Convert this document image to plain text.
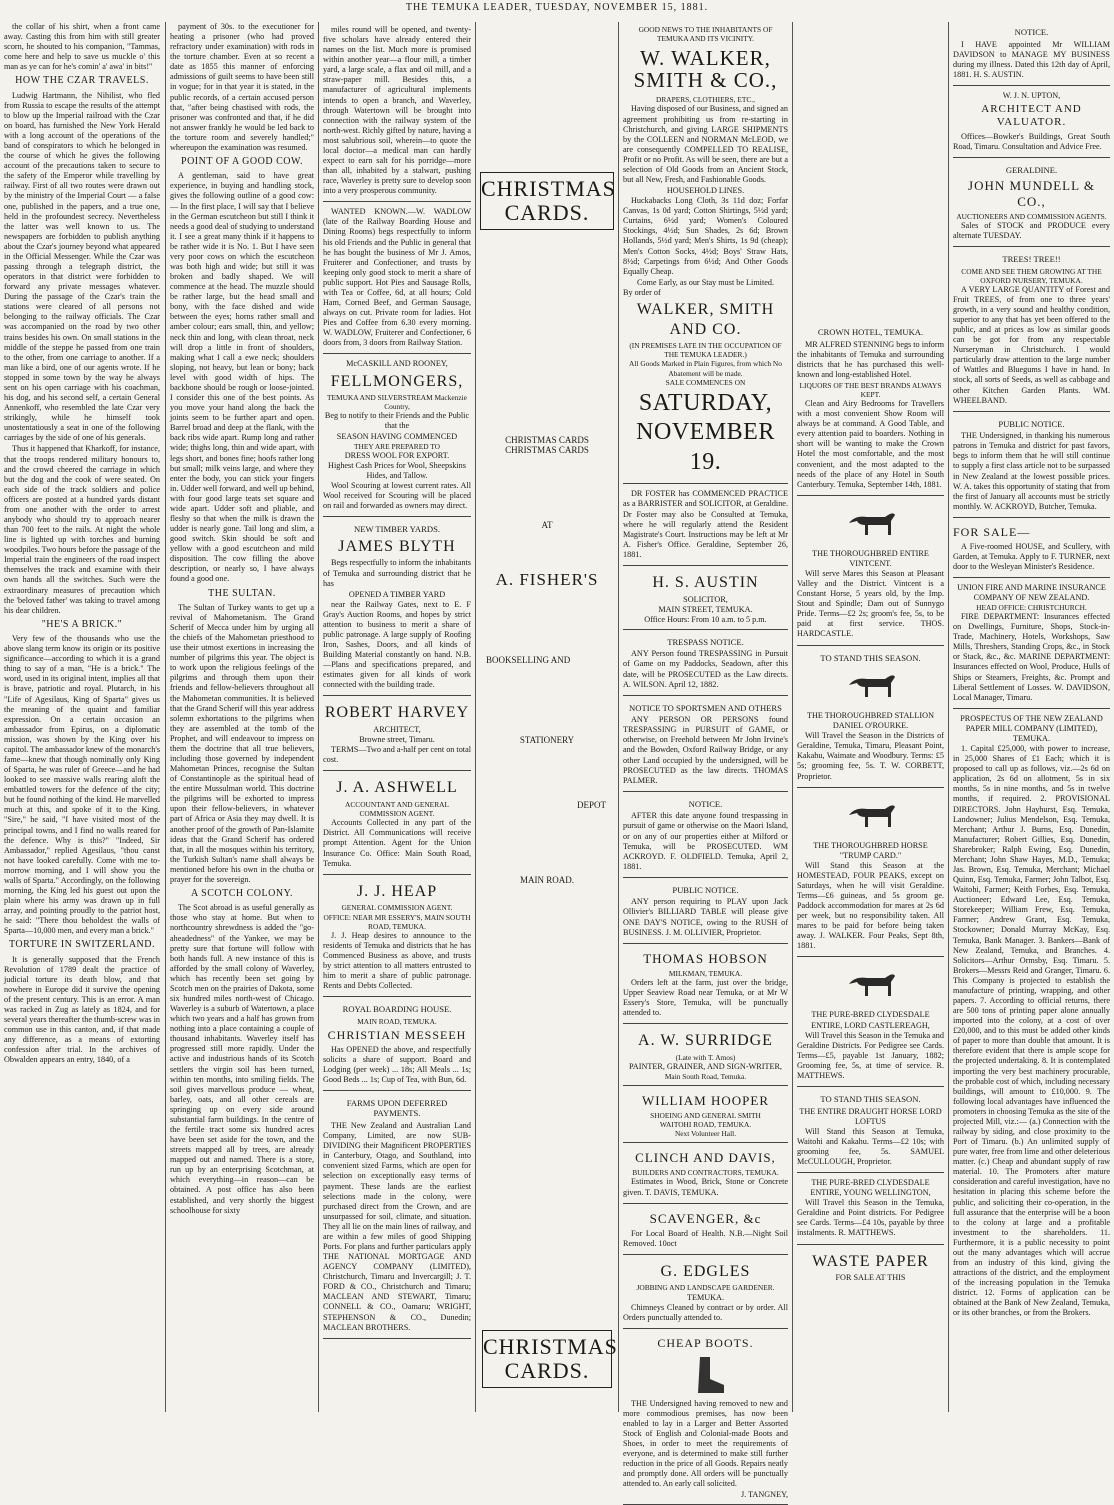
THE TEMUKA LEADER, TUESDAY, NOVEMBER 15, 1881.

the collar of his shirt, when a front came away. Casting this from him with still greater scorn, he shouted to his companion, "Tammas, come here and help to save us muckle o' this man as ye can for he's comin' a' awa' in bits!"

HOW THE CZAR TRAVELS.

Ludwig Hartmann, the Nihilist, who fled from Russia to escape the results of the attempt to blow up the Imperial railroad with the Czar on board, has furnished the New York Herald with a long account of the operations of the band of conspirators to which he belonged in the course of which he gives the following account of the precautions taken to secure to the safety of the Emperor while travelling by railway. First of all two routes were drawn out by the ministry of the Imperial Court — a false one, published in the papers, and a true one, held in the profoundest secrecy. Nevertheless the latter was well known to us. The newspapers are forbidden to publish anything about the Czar's journey beyond what appeared in the Official Messenger. While the Czar was passing through a telegraph district, the operators in that district were forbidden to forward any private messages whatever. During the passage of the Czar's train the stations were cleared of all persons not belonging to the railway officials. The Czar was accompanied on the road by two other trains besides his own. On small stations in the middle of the steppe he passed from one train to the other, from one carriage to another. If a man like a bird, one of our agents wrote. If he stopped in some town by the way he always sent on his open carriage with his coachman, his dog, and his second self, a certain General Annenkoff, who resembled the late Czar very strikingly, while he himself took unostentatiously a seat in one of the following carriages by the side of one of his generals.

Thus it happened that Kharkoff, for instance, that the troops rendered military honours to, and the crowd cheered the carriage in which but the dog and the cook of were seated. On each side of the track soldiers and police officers are posted at a hundred yards distant from one another with the order to arrest anybody who should try to approach nearer than 700 feet to the rails. At night the whole line is lighted up with torches and burning woodpiles. Two hours before the passage of the Imperial train the engineers of the road inspect themselves the track and examine with their own hands all the switches. Such were the extraordinary measures of precaution which the 'beloved father' was taking to travel among his dear children.

"HE'S A BRICK."

Very few of the thousands who use the above slang term know its origin or its positive significance—according to which it is a grand thing to say of a man, "He is a brick." The word, used in its original intent, implies all that is brave, patriotic and royal. Plutarch, in his "Life of Agesilaus, King of Sparta" gives us the meaning of the quaint and familiar expression. On a certain occasion an ambassador from Epirus, on a diplomatic mission, was shown by the King over his capitol. The ambassador knew of the monarch's fame—knew that though nominally only King of Sparta, he was ruler of Greece—and he had looked to see massive walls rearing aloft the embattled towers for the defence of the city; but he found nothing of the kind. He marvelled much at this, and spoke of it to the King. "Sire," he said, "I have visited most of the principal towns, and I find no walls reared for the defence. Why is this?" "Indeed, Sir Ambassador," replied Agesilaus, "thou canst not have looked carefully. Come with me to-morrow morning, and I will show you the walls of Sparta." Accordingly, on the following morning, the King led his guest out upon the plain where his army was drawn up in full array, and pointing proudly to the patriot host, he said: "There thou beholdest the walls of Sparta—10,000 men, and every man a brick."

TORTURE IN SWITZERLAND.

It is generally supposed that the French Revolution of 1789 dealt the practice of judicial torture its death blow, and that nowhere in Europe did it survive the opening of the present century. This is an error. A man was racked in Zug as lately as 1824, and for several years thereafter the thumb-screw was in common use in this canton, and, if that made any difference, as a means of extorting confession after trial. In the archives of Obwalden appears an entry, 1840, of a

payment of 30s. to the executioner for heating a prisoner (who had proved refractory under examination) with rods in the torture chamber. Even at so recent a date as 1855 this manner of enforcing admissions of guilt seems to have been still in vogue; for in that year it is stated, in the public records, of a certain accused person that, "after being chastised with rods, the prisoner was confronted and that, if he did not answer frankly he would be led back to the torture room and severely handled;" whereupon the examination was resumed.

POINT OF A GOOD COW.

A gentleman, said to have great experience, in buying and handling stock, gives the following outline of a good cow:— In the first place, I will say that I believe in the German escutcheon but still I think it needs a good deal of studying to understand it. I see a great many think if it happens to be rather wide it is No. 1. But I have seen very poor cows on which the escutcheon was both high and wide; but still it was broken and badly shaped. We will commence at the head. The muzzle should be rather large, but the head small and bony, with the face dished and wide between the eyes; horns rather small and amber colour; ears small, thin, and yellow; neck thin and long, with clean throat, neck will drop a little in front of shoulders, making what I call a ewe neck; shoulders sloping, not heavy, but lean or bony; back level with good width of hips. The backbone should be rough or loose-jointed. I consider this one of the best points. As you move your hand along the back the joints seem to be further apart and open. Barrel broad and deep at the flank, with the back ribs wide apart. Rump long and rather wide; thighs long, thin and wide apart, with legs short, and bones fine; hoofs rather long but small; milk veins large, and where they enter the body, you can stick your fingers in. Udder well forward, and well up behind, with four good large teats set square and wide apart. Udder soft and pliable, and fleshy so that when the milk is drawn the udder is nearly gone. Tail long and slim, a good switch. Skin should be soft and yellow with a good escutcheon and mild disposition. The cow filling the above description, or nearly so, I have always found a good one.

THE SULTAN.

The Sultan of Turkey wants to get up a revival of Mahometanism. The Grand Scherif of Mecca under him by urging all the chiefs of the Mahometan priesthood to use their utmost exertions in increasing the number of pilgrims this year. The object is to work upon the religious feelings of the pilgrims and through them upon their friends and fellow-believers throughout all the Mahometan communities. It is believed that the Grand Scherif will this year address solemn exhortations to the pilgrims when they are assembled at the tomb of the Prophet, and will endeavour to impress on them the doctrine that all true believers, including those governed by independent Mahometan Princes, recognise the Sultan of Constantinople as the spiritual head of the entire Mussulman world. This doctrine the pilgrims will be exhorted to impress upon their fellow-believers, in whatever part of Africa or Asia they may dwell. It is another proof of the growth of Pan-Islamite ideas that the Grand Scherif has ordered that, in all the mosques within his territory, the Turkish Sultan's name shall always be mentioned before his own in the chutba or prayer for the sovereign.

A SCOTCH COLONY.

The Scot abroad is as useful generally as those who stay at home. But when to northcountry shrewdness is added the "go-aheadedness" of the Yankee, we may be pretty sure that fortune will follow with both hands full. A new instance of this is afforded by the small colony of Waverley, which has recently been set going by Scotch men on the prairies of Dakota, some six hundred miles north-west of Chicago. Waverley is a suburb of Watertown, a place which two years and a half has grown from nothing into a place containing a couple of thousand inhabitants. Waverley itself has progressed still more rapidly. Under the active and industrious hands of its Scotch settlers the virgin soil has been turned, within ten months, into smiling fields. The soil gives marvellous produce — wheat, barley, oats, and all other cereals are springing up on every side around substantial farm buildings. In the centre of the fertile tract some six hundred acres have been set aside for the town, and the streets mapped all by trees, are already mapped out and named. There is a store, run up by an enterprising Scotchman, at which everything—in reason—can be obtained. A post office has also been established, and very shortly the biggest schoolhouse for sixty

miles round will be opened, and twenty-five scholars have already entered their names on the list. Much more is promised within another year—a flour mill, a timber yard, a large scale, a flax and oil mill, and a straw-paper mill. Besides this, a manufacturer of agricultural implements intends to open a branch, and Waverley, through Watertown will be brought into connection with the railway system of the north-west. Richly gifted by nature, having a most salubrious soil, wherein—to quote the local doctor—a medical man can hardly expect to earn salt for his porridge—more than all, inhabited by a stalwart, pushing race, Waverley is pretty sure to develop soon into a very prosperous community.

WANTED KNOWN.—W. WADLOW (late of the Railway Boarding House and Dining Rooms) begs respectfully to inform his old Friends and the Public in general that he has bought the business of Mr J. Amos, Fruiterer and Confectioner, and trusts by keeping only good stock to merit a share of public support. Hot Pies and Sausage Rolls, with Tea or Coffee, 6d, at all hours; Cold Ham, Corned Beef, and German Sausage, always on cut. Private room for ladies. Hot Pies and Coffee from 6.30 every morning. W. WADLOW, Fruiterer and Confectioner, 6 doors from, 3 doors from Railway Station.

McCASKILL AND ROONEY,
FELLMONGERS,
TEMUKA AND SILVERSTREAM Mackenzie Country,
Beg to notify to their Friends and the Public that the
SEASON HAVING COMMENCED
THEY ARE PREPARED TO
DRESS WOOL FOR EXPORT.
Highest Cash Prices for Wool, Sheepskins Hides, and Tallow.

Wool Scouring at lowest current rates. All Wool received for Scouring will be placed on rail and forwarded as owners may direct.

NEW TIMBER YARDS.
JAMES BLYTH

Begs respectfully to inform the inhabitants of Temuka and surrounding district that he has

OPENED A TIMBER YARD

near the Railway Gates, next to E. F Gray's Auction Rooms, and hopes by strict attention to business to merit a share of public patronage. A large supply of Roofing Iron, Sashes, Doors, and all kinds of Building Material constantly on hand. N.B.—Plans and specifications prepared, and estimates given for all kinds of work connected with the building trade.

ROBERT HARVEY
ARCHITECT,
Browne street, Timaru.

TERMS—Two and a-half per cent on total cost.

J. A. ASHWELL
ACCOUNTANT AND GENERAL COMMISSION AGENT.

Accounts Collected in any part of the District. All Communications will receive prompt Attention. Agent for the Union Insurance Co. Office: Main South Road, Temuka.

J. J. HEAP
GENERAL COMMISSION AGENT.
OFFICE: NEAR MR ESSERY'S, MAIN SOUTH ROAD, TEMUKA.

J. J. Heap desires to announce to the residents of Temuka and districts that he has Commenced Business as above, and trusts by strict attention to all matters entrusted to him to merit a share of public patronage. Rents and Debts Collected.

ROYAL BOARDING HOUSE.
MAIN ROAD, TEMUKA.
CHRISTIAN MESSEEH

Has OPENED the above, and respectfully solicits a share of support. Board and Lodging (per week) ... 18s; All Meals ... 1s; Good Beds ... 1s; Cup of Tea, with Bun, 6d.

FARMS UPON DEFERRED PAYMENTS.

THE New Zealand and Australian Land Company, Limited, are now SUB-DIVIDING their Magnificent PROPERTIES in Canterbury, Otago, and Southland, into convenient sized Farms, which are open for selection on exceptionally easy terms of payment. These lands are the earliest selections made in the colony, were purchased direct from the Crown, and are unsurpassed for soil, climate, and situation. They all lie on the main lines of railway, and are within a few miles of good Shipping Ports. For plans and further particulars apply THE NATIONAL MORTGAGE AND AGENCY COMPANY (LIMITED), Christchurch, Timaru and Invercargill; J. T. FORD & CO., Christchurch and Timaru; MACLEAN AND STEWART, Timaru; CONNELL & CO., Oamaru; WRIGHT, STEPHENSON & CO., Dunedin; MACLEAN BROTHERS.

CHRISTMAS CARDS.
CHRISTMAS CARDS CHRISTMAS CARDS
AT
A. FISHER'S
BOOKSELLING AND
STATIONERY
DEPOT
MAIN ROAD.
CHRISTMAS CARDS.
GOOD NEWS TO THE INHABITANTS OF TEMUKA AND ITS VICINITY.
W. WALKER, SMITH & CO.,
DRAPERS, CLOTHIERS, ETC.,

Having disposed of our Business, and signed an agreement prohibiting us from re-starting in Christchurch, and giving LARGE SHIPMENTS by the COLLEEN and NORMAN McLEOD, we are consequently COMPELLED TO REALISE, Profit or no Profit. As will be seen, there are but a selection of Old Goods from an Ancient Stock, but all New, Fresh, and Fashionable Goods.

HOUSEHOLD LINES.

Huckabacks Long Cloth, 3s 11d doz; Forfar Canvas, 1s 0d yard; Cotton Shirtings, 5½d yard; Curtains, 6½d yard; Women's Coloured Stockings, 4½d; Sun Shades, 2s 6d; Brown Hollands, 5½d yard; Men's Shirts, 1s 9d (cheap); Men's Cotton Socks, 4½d; Boys' Straw Hats, 8½d; Carpetings from 6½d; And Other Goods Equally Cheap.

Come Early, as our Stay must be Limited.
By order of
WALKER, SMITH AND CO.
(IN PREMISES LATE IN THE OCCUPATION OF THE TEMUKA LEADER.)
All Goods Marked in Plain Figures, from which No Abatement will be made.
SALE COMMENCES ON
SATURDAY, NOVEMBER 19.

DR FOSTER has COMMENCED PRACTICE as a BARRISTER and SOLICITOR, at Geraldine. Dr Foster may also be Consulted at Temuka, where he will regularly attend the Resident Magistrate's Court. Instructions may be left at Mr A. Fisher's Office. Geraldine, September 26, 1881.

H. S. AUSTIN
SOLICITOR,
MAIN STREET, TEMUKA.
Office Hours: From 10 a.m. to 5 p.m.
TRESPASS NOTICE.

ANY Person found TRESPASSING in Pursuit of Game on my Paddocks, Seadown, after this date, will be PROSECUTED as the Law directs. A. WILSON. April 12, 1882.

NOTICE TO SPORTSMEN AND OTHERS

ANY PERSON OR PERSONS found TRESPASSING in PURSUIT of GAME, or otherwise, on Freehold between Mr John Irvine's and the Bowden, Oxford Railway Bridge, or any other Land occupied by the undersigned, will be PROSECUTED as the law directs. THOMAS PALMER.

NOTICE.

AFTER this date anyone found trespassing in pursuit of game or otherwise on the Maori Island, or on any of our properties either at Milford or Temuka, will be PROSECUTED. WM ACKROYD. F. OLDFIELD. Temuka, April 2, 1881.

PUBLIC NOTICE.

ANY person requiring to PLAY upon Jack Ollivier's BILLIARD TABLE will please give ONE DAY'S NOTICE, owing to the RUSH of BUSINESS. J. M. OLLIVIER, Proprietor.

THOMAS HOBSON
MILKMAN, TEMUKA.

Orders left at the farm, just over the bridge, Upper Seaview Road near Temuka, or at Mr W Essery's Store, Temuka, will be punctually attended to.

A. W. SURRIDGE
(Late with T. Amos)
PAINTER, GRAINER, AND SIGN-WRITER,
Main South Road, Temuka.
WILLIAM HOOPER
SHOEING AND GENERAL SMITH
WAITOHI ROAD, TEMUKA.
Next Volunteer Hall.
CLINCH AND DAVIS,
BUILDERS AND CONTRACTORS, TEMUKA.

Estimates in Wood, Brick, Stone or Concrete given. T. DAVIS, TEMUKA.

SCAVENGER, &c

For Local Board of Health. N.B.—Night Soil Removed. 10oct

G. EDGLES
JOBBING AND LANDSCAPE GARDENER.
TEMUKA.

Chimneys Cleaned by contract or by order. All Orders punctually attended to.

CHEAP BOOTS.

THE Undersigned having removed to new and more commodious premises, has now been enabled to lay in a Larger and Better Assorted Stock of English and Colonial-made Boots and Shoes, in order to meet the requirements of everyone, and is determined to make still further reduction in the price of all Goods. Repairs neatly and promptly done. All orders will be punctually attended to. An early call solicited.

J. TANGNEY,
CROWN HOTEL, TEMUKA.

MR ALFRED STENNING begs to inform the inhabitants of Temuka and surrounding districts that he has purchased this well-known and long-established Hotel.

LIQUORS OF THE BEST BRANDS ALWAYS KEPT.

Clean and Airy Bedrooms for Travellers with a most convenient Show Room will always be at command. A Good Table, and every attention paid to boarders. Nothing in short will be wanting to make the Crown Hotel the most comfortable, and the most convenient, and the most adapted to the needs of the place of any Hotel in South Canterbury. Temuka, September 14th, 1881.

THE THOROUGHBRED ENTIRE VINTCENT.

Will serve Mares this Season at Pleasant Valley and the District. Vintcent is a Constant Horse, 5 years old, by the Imp. Stout and Spindle; Dam out of Sunnygo Pride. Terms—£2 2s; groom's fee, 5s, to be paid at first service. THOS. HARDCASTLE.

TO STAND THIS SEASON.
THE THOROUGHBRED STALLION DANIEL O'ROURKE.

Will Travel the Season in the Districts of Geraldine, Temuka, Timaru, Pleasant Point, Kakahu, Waimate and Woodbury. Terms: £5 5s; grooming fee, 5s. T. W. CORBETT, Proprietor.

THE THOROUGHBRED HORSE "TRUMP CARD."

Will Stand this Season at the HOMESTEAD, FOUR PEAKS, except on Saturdays, when he will visit Geraldine. Terms—£6 guineas, and 5s groom ge. Paddock accommodation for mares at 2s 6d per week, but no responsibility taken. All mares to be paid for before being taken away. J. WALKER. Four Peaks, Sept 8th, 1881.

THE PURE-BRED CLYDESDALE ENTIRE, LORD CASTLEREAGH,

Will Travel this Season in the Temuka and Geraldine Districts. For Pedigree see Cards. Terms—£5, payable 1st January, 1882; Grooming fee, 5s, at time of service. R. MATTHEWS.

TO STAND THIS SEASON.
THE ENTIRE DRAUGHT HORSE LORD LOFTUS

Will Stand this Season at Temuka, Waitohi and Kakahu. Terms—£2 10s; with grooming fee, 5s. SAMUEL McCULLOUGH, Proprietor.

THE PURE-BRED CLYDESDALE ENTIRE, YOUNG WELLINGTON,

Will Travel this Season in the Temuka, Geraldine and Point districts. For Pedigree see Cards. Terms—£4 10s, payable by three instalments. R. MATTHEWS.

WASTE PAPER
FOR SALE AT THIS
NOTICE.

I HAVE appointed Mr WILLIAM DAVIDSON to MANAGE MY BUSINESS during my illness. Dated this 12th day of April, 1881. H. S. AUSTIN.

W. J. N. UPTON,
ARCHITECT AND VALUATOR.

Offices—Bowker's Buildings, Great South Road, Timaru. Consultation and Advice Free.

GERALDINE.
JOHN MUNDELL & CO.,
AUCTIONEERS AND COMMISSION AGENTS.

Sales of STOCK and PRODUCE every alternate TUESDAY.

TREES! TREE!!
COME AND SEE THEM GROWING AT THE OXFORD NURSERY, TEMUKA.

A VERY LARGE QUANTITY of Forest and Fruit TREES, of from one to three years' growth, in a very sound and healthy condition, superior to any that has yet been offered to the public, and at prices as low as similar goods can be got for from any respectable Nurseryman in Christchurch. I would particularly draw attention to the large number of Wattles and Bluegums I have in hand. In stock, all sorts of Seeds, as well as cabbage and other Kitchen Garden Plants. WM. WHEELBAND.

PUBLIC NOTICE.

THE Undersigned, in thanking his numerous patrons in Temuka and district for past favors, begs to inform them that he will still continue to supply a first class article not to be surpassed in New Zealand at the lowest possible prices. W. A. takes this opportunity of stating that from the first of January all accounts must be strictly monthly. W. ACKROYD, Butcher, Temuka.

FOR SALE—

A Five-roomed HOUSE, and Scullery, with Garden, at Temuka. Apply to F. TURNER, next door to the Wesleyan Minister's Residence.

UNION FIRE AND MARINE INSURANCE COMPANY OF NEW ZEALAND.
HEAD OFFICE: CHRISTCHURCH.

FIRE DEPARTMENT: Insurances effected on Dwellings, Furniture, Shops, Stock-in-Trade, Machinery, Hotels, Workshops, Saw Mills, Threshers, Standing Crops, &c., in Stock or Stack, &c., &c. MARINE DEPARTMENT: Insurances effected on Wool, Produce, Hulls of Ships or Steamers, Freights, &c. Prompt and Liberal Settlement of Losses. W. DAVIDSON, Local Manager, Timaru.

PROSPECTUS OF THE NEW ZEALAND PAPER MILL COMPANY (LIMITED), TEMUKA.

1. Capital £25,000, with power to increase, in 25,000 Shares of £1 Each; which it is proposed to call up as follows, viz.—2s 6d on application, 2s 6d on allotment, 5s in six months, 5s in nine months, and 5s in twelve months, if required. 2. PROVISIONAL DIRECTORS. John Hayhurst, Esq. Temuka, Landowner; Julius Mendelson, Esq. Temuka, Merchant; Arthur J. Burns, Esq. Dunedin, Manufacturer; Robert Gillies, Esq. Dunedin, Sharebroker; Ralph Ewing, Esq. Dunedin, Merchant; John Shaw Hayes, M.D., Temuka; Jas. Brown, Esq. Temuka, Merchant; Michael Quinn, Esq. Temuka, Farmer; John Talbot, Esq. Waitohi, Farmer; Keith Forbes, Esq. Temuka, Auctioneer; Edward Lee, Esq. Temuka, Storekeeper; William Frew, Esq. Temuka, Farmer; Andrew Grant, Esq. Temuka, Stockowner; Donald Murray McKay, Esq. Temuka, Bank Manager. 3. Bankers—Bank of New Zealand, Temuka, and Branches. 4. Solicitors—Arthur Ormsby, Esq. Timaru. 5. Brokers—Messrs Reid and Granger, Timaru. 6. This Company is projected to establish the manufacture of printing, wrapping, and other papers. 7. According to official returns, there are 500 tons of printing paper alone annually imported into the colony, at a cost of over £20,000, and to this must be added other kinds of paper to more than double that amount. It is therefore evident that there is ample scope for the projected undertaking. 8. It is contemplated importing the very best machinery procurable, the probable cost of which, including necessary buildings, will amount to £10,000. 9. The following local advantages have influenced the promoters in choosing Temuka as the site of the projected Mill, viz.:— (a.) Connection with the railway by siding, and close proximity to the Port of Timaru. (b.) An unlimited supply of pure water, free from lime and other deleterious matter. (c.) Cheap and abundant supply of raw material. 10. The Promoters after mature consideration and careful investigation, have no hesitation in placing this scheme before the public, and soliciting their co-operation, in the full assurance that the enterprise will be a boon to the colony at large and a profitable investment to the shareholders. 11. Furthermore, it is a public necessity to point out the many advantages which will accrue from an industry of this kind, giving the attractions of the district, and the employment of the increasing population in the Temuka district. 12. Forms of application can be obtained at the Bank of New Zealand, Temuka, or its other branches, or from the Brokers.
